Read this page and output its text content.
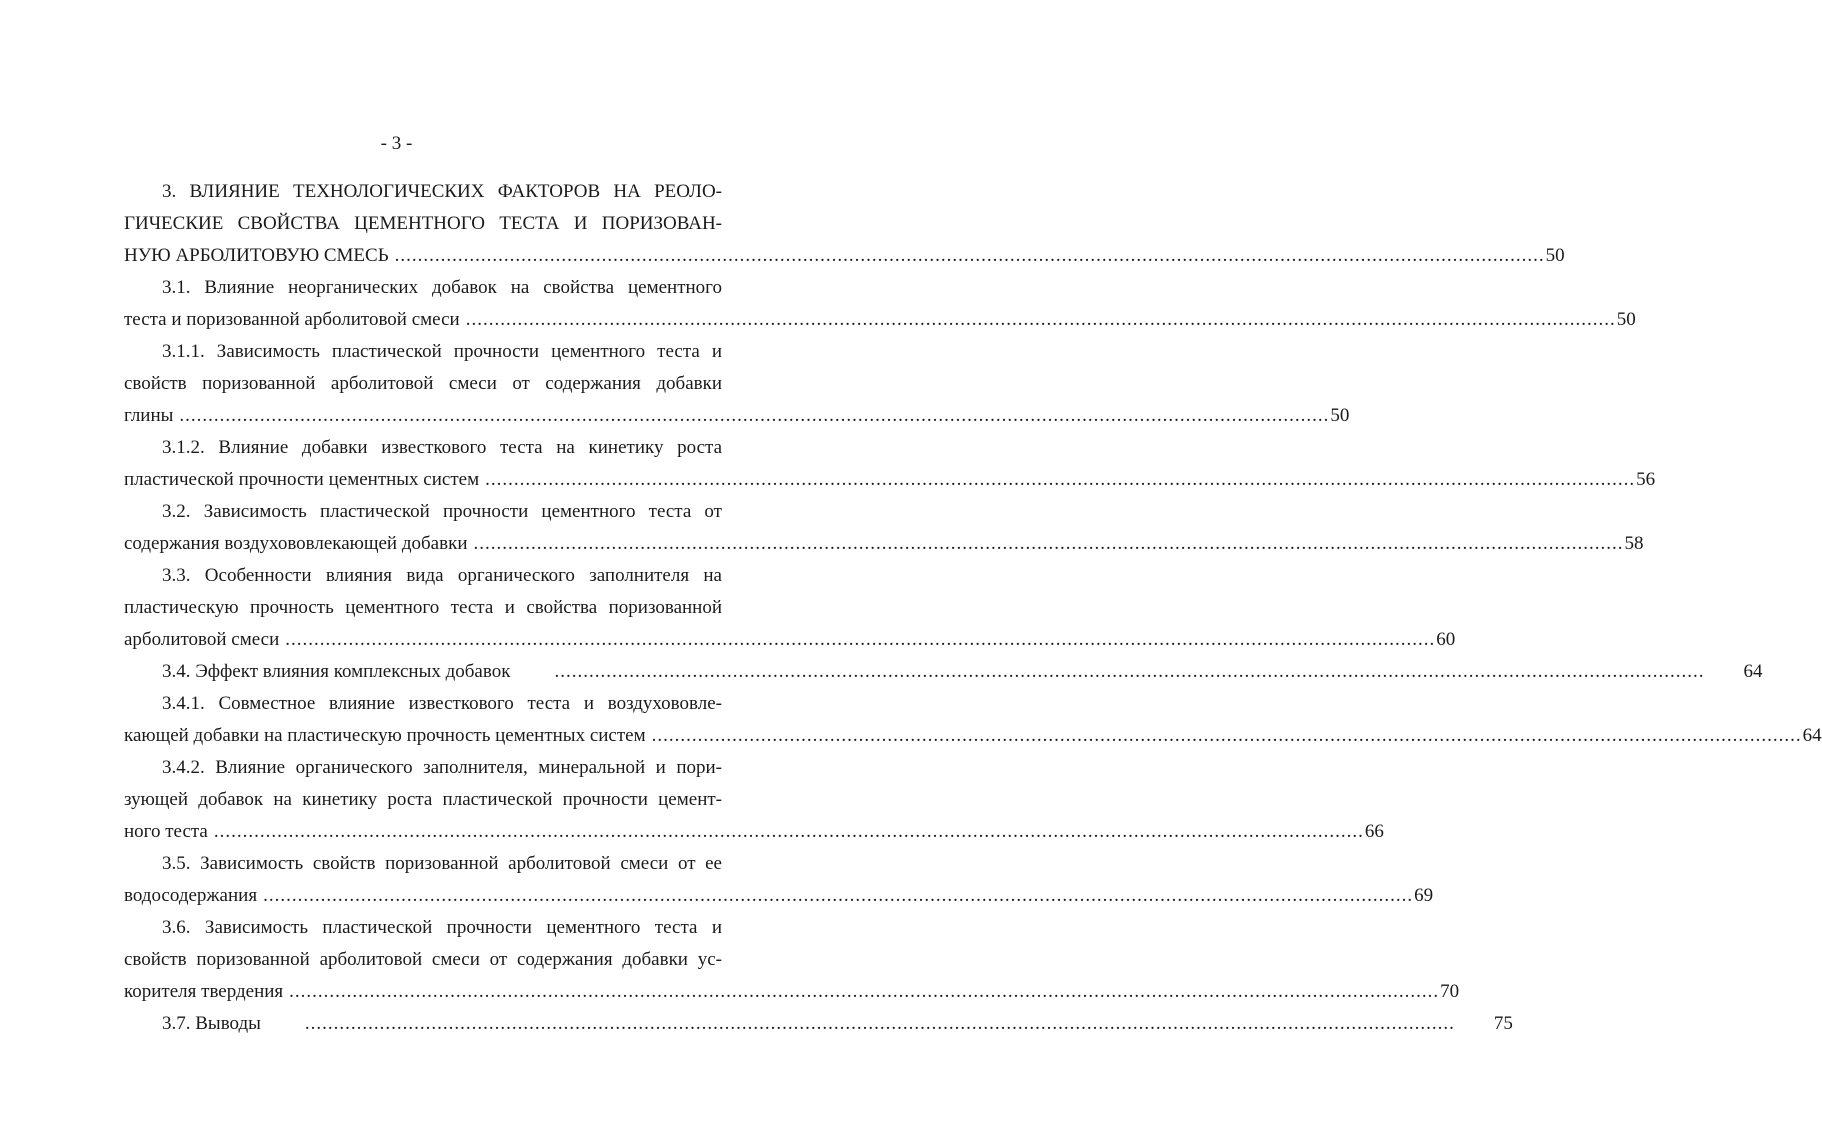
- 3 -
3. ВЛИЯНИЕ ТЕХНОЛОГИЧЕСКИХ ФАКТОРОВ НА РЕОЛО-
ГИЧЕСКИЕ СВОЙСТВА ЦЕМЕНТНОГО ТЕСТА И ПОРИЗОВАН-
НУЮ АРБОЛИТОВУЮ СМЕСЬ ........................................................................................................................................................................................................ 50
3.1. Влияние неорганических добавок на свойства цементного
теста и поризованной арболитовой смеси ........................................................................................................................................................................................................ 50
3.1.1. Зависимость пластической прочности цементного теста и
свойств поризованной арболитовой смеси от содержания добавки
глины ........................................................................................................................................................................................................ 50
3.1.2. Влияние добавки известкового теста на кинетику роста
пластической прочности цементных систем ........................................................................................................................................................................................................ 56
3.2. Зависимость пластической прочности цементного теста от
содержания воздухововлекающей добавки ........................................................................................................................................................................................................ 58
3.3. Особенности влияния вида органического заполнителя на
пластическую прочность цементного теста и свойства поризованной
арболитовой смеси ........................................................................................................................................................................................................ 60
3.4. Эффект влияния комплексных добавок	........................................................................................................................................................................................................	64
3.4.1. Совместное влияние известкового теста и воздухововле-
кающей добавки на пластическую прочность цементных систем ........................................................................................................................................................................................................ 64
3.4.2. Влияние органического заполнителя, минеральной и пори-
зующей добавок на кинетику роста пластической прочности цемент-
ного теста ........................................................................................................................................................................................................ 66
3.5. Зависимость свойств поризованной арболитовой смеси от ее
водосодержания ........................................................................................................................................................................................................ 69
3.6. Зависимость пластической прочности цементного теста и
свойств поризованной арболитовой смеси от содержания добавки ус-
корителя твердения ........................................................................................................................................................................................................ 70
3.7. Выводы	........................................................................................................................................................................................................	75
